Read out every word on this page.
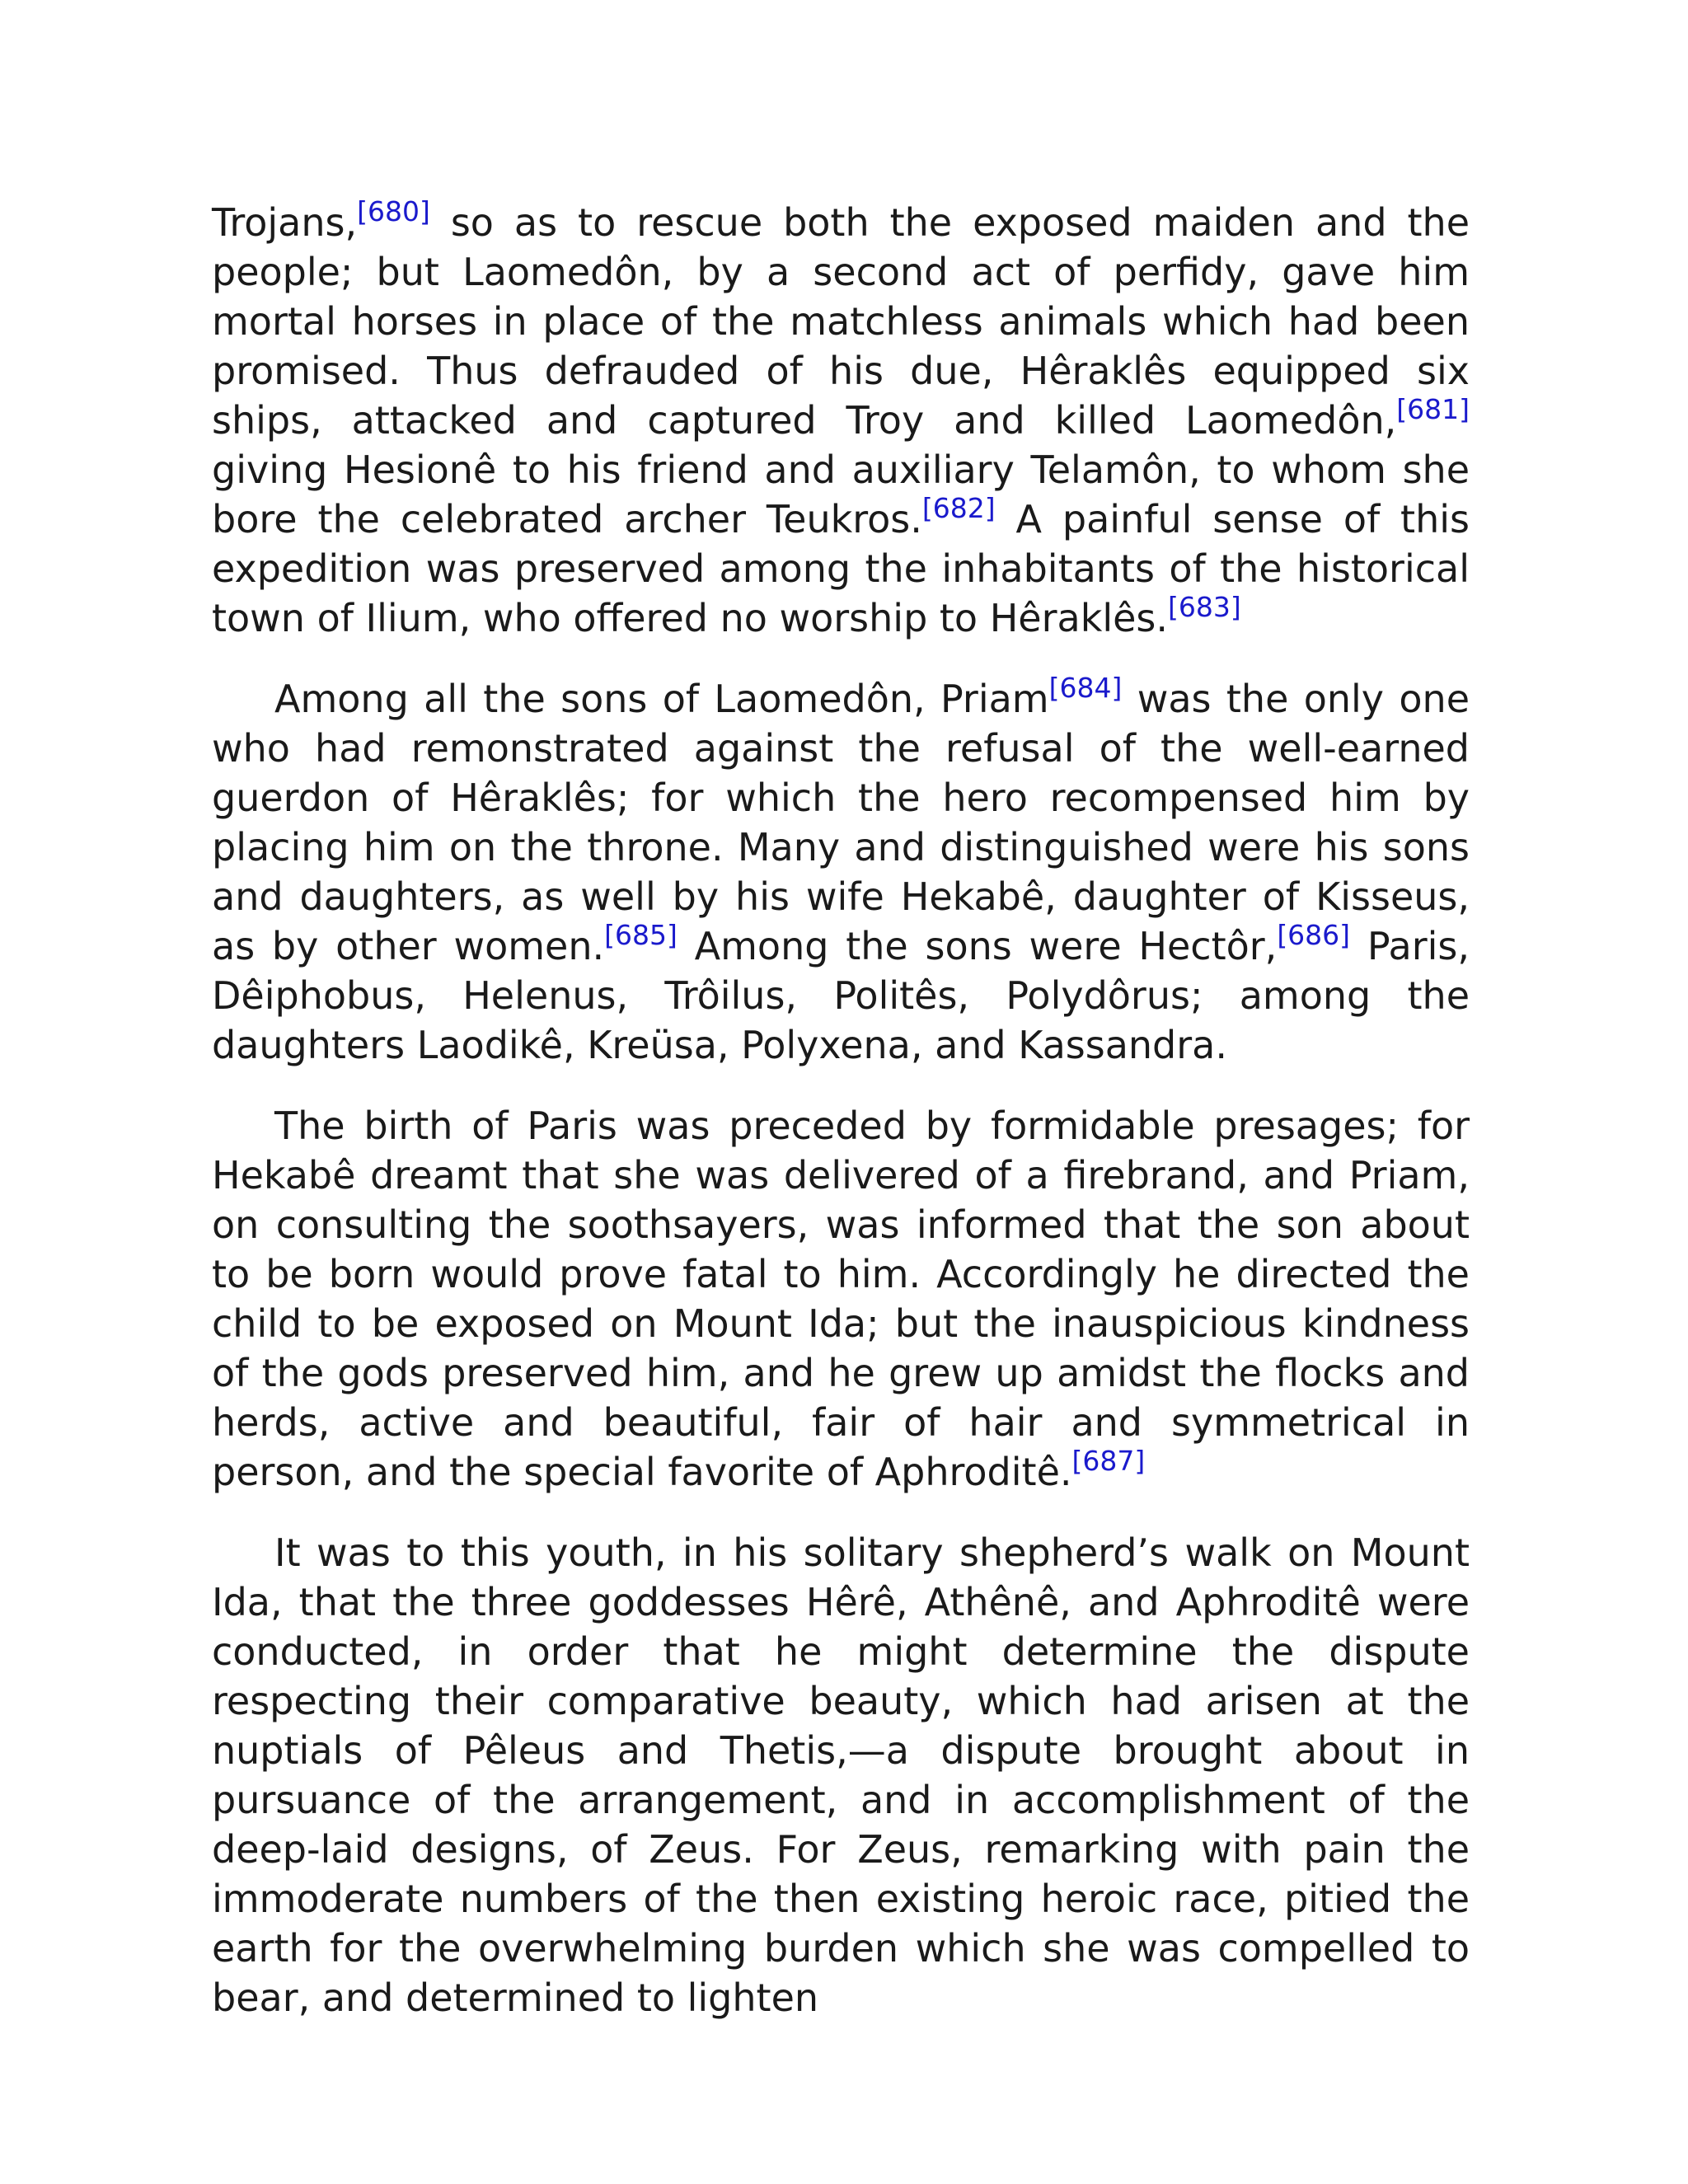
Trojans,[680] so as to rescue both the exposed maiden and the people; but Laomedôn, by a second act of perfidy, gave him mortal horses in place of the matchless animals which had been promised. Thus defrauded of his due, Hêraklês equipped six ships, attacked and captured Troy and killed Laomedôn,[681] giving Hesionê to his friend and auxiliary Telamôn, to whom she bore the celebrated archer Teukros.[682] A painful sense of this expedition was preserved among the inhabitants of the historical town of Ilium, who offered no worship to Hêraklês.[683]

Among all the sons of Laomedôn, Priam[684] was the only one who had remonstrated against the refusal of the well-earned guerdon of Hêraklês; for which the hero recompensed him by placing him on the throne. Many and distinguished were his sons and daughters, as well by his wife Hekabê, daughter of Kisseus, as by other women.[685] Among the sons were Hectôr,[686] Paris, Dêiphobus, Helenus, Trôilus, Politês, Polydôrus; among the daughters Laodikê, Kreüsa, Polyxena, and Kassandra.

The birth of Paris was preceded by formidable presages; for Hekabê dreamt that she was delivered of a firebrand, and Priam, on consulting the soothsayers, was informed that the son about to be born would prove fatal to him. Accordingly he directed the child to be exposed on Mount Ida; but the inauspicious kindness of the gods preserved him, and he grew up amidst the flocks and herds, active and beautiful, fair of hair and symmetrical in person, and the special favorite of Aphroditê.[687]

It was to this youth, in his solitary shepherd’s walk on Mount Ida, that the three goddesses Hêrê, Athênê, and Aphroditê were conducted, in order that he might determine the dispute respecting their comparative beauty, which had arisen at the nuptials of Pêleus and Thetis,—a dispute brought about in pursuance of the arrangement, and in accomplishment of the deep-laid designs, of Zeus. For Zeus, remarking with pain the immoderate numbers of the then existing heroic race, pitied the earth for the overwhelming burden which she was compelled to bear, and determined to lighten
